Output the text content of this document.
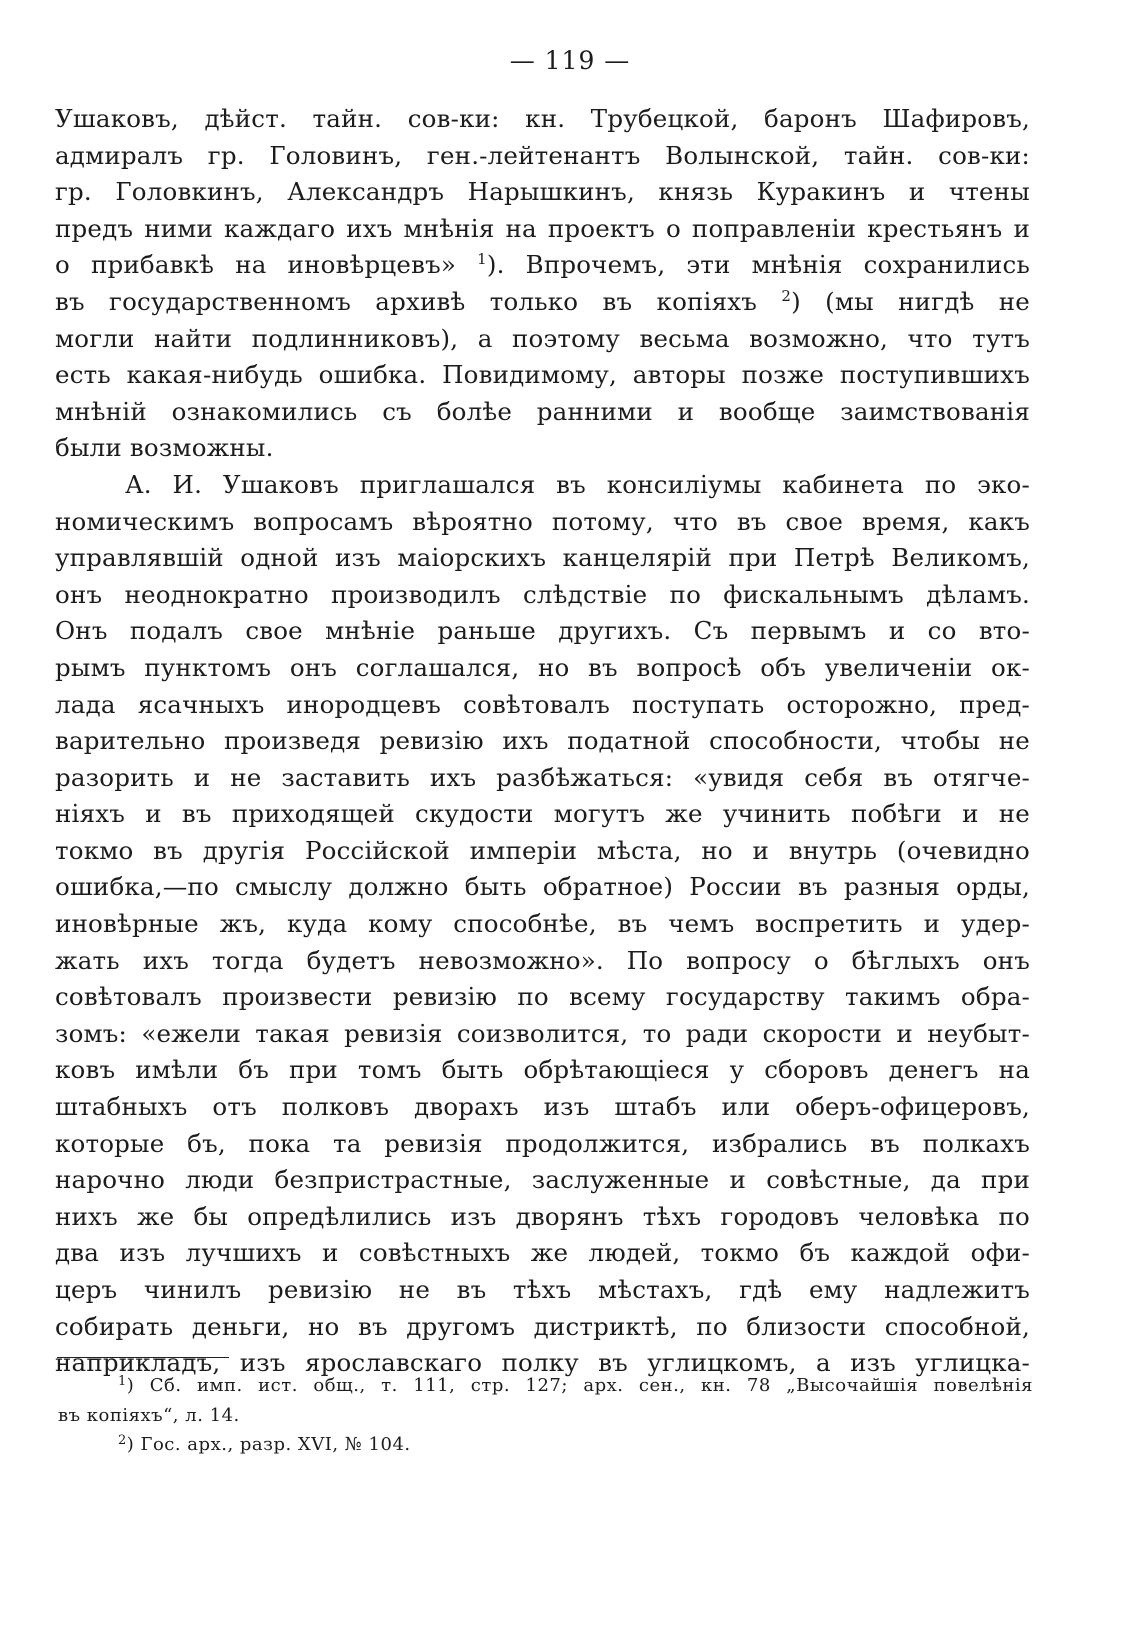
— 119 —
Ушаковъ, дѣйст. тайн. сов-ки: кн. Трубецкой, баронъ Шафировъ,
адмиралъ гр. Головинъ, ген.-лейтенантъ Волынской, тайн. сов-ки:
гр. Головкинъ, Александръ Нарышкинъ, князь Куракинъ и чтены
предъ ними каждаго ихъ мнѣнія на проектъ о поправленіи крестьянъ и
о прибавкѣ на иновѣрцевъ» $^1$). Впрочемъ, эти мнѣнія сохранились
въ государственномъ архивѣ только въ копіяхъ $^2$) (мы нигдѣ не
могли найти подлинниковъ), а поэтому весьма возможно, что тутъ
есть какая-нибудь ошибка. Повидимому, авторы позже поступившихъ
мнѣній ознакомились съ болѣе ранними и вообще заимствованія
были возможны.
А. И. Ушаковъ приглашался въ консиліумы кабинета по эко-
номическимъ вопросамъ вѣроятно потому, что въ свое время, какъ
управлявшій одной изъ маіорскихъ канцелярій при Петрѣ Великомъ,
онъ неоднократно производилъ слѣдствіе по фискальнымъ дѣламъ.
Онъ подалъ свое мнѣніе раньше другихъ. Съ первымъ и со вто-
рымъ пунктомъ онъ соглашался, но въ вопросѣ объ увеличеніи ок-
лада ясачныхъ инородцевъ совѣтовалъ поступать осторожно, пред-
варительно произведя ревизію ихъ податной способности, чтобы не
разорить и не заставить ихъ разбѣжаться: «увидя себя въ отягче-
ніяхъ и въ приходящей скудости могутъ же учинить побѣги и не
токмо въ другія Россійской имперіи мѣста, но и внутрь (очевидно
ошибка,—по смыслу должно быть обратное) России въ разныя орды,
иновѣрные жъ, куда кому способнѣе, въ чемъ воспретить и удер-
жать ихъ тогда будетъ невозможно». По вопросу о бѣглыхъ онъ
совѣтовалъ произвести ревизію по всему государству такимъ обра-
зомъ: «ежели такая ревизія соизволится, то ради скорости и неубыт-
ковъ имѣли бъ при томъ быть обрѣтающіеся у сборовъ денегъ на
штабныхъ отъ полковъ дворахъ изъ штабъ или оберъ-офицеровъ,
которые бъ, пока та ревизія продолжится, избрались въ полкахъ
нарочно люди безпристрастные, заслуженные и совѣстные, да при
нихъ же бы опредѣлились изъ дворянъ тѣхъ городовъ человѣка по
два изъ лучшихъ и совѣстныхъ же людей, токмо бъ каждой офи-
церъ чинилъ ревизію не въ тѣхъ мѣстахъ, гдѣ ему надлежитъ
собирать деньги, но въ другомъ дистриктѣ, по близости способной,
наприкладъ, изъ ярославскаго полку въ углицкомъ, а изъ углицка-
$^1$) Сб. имп. ист. общ., т. 111, стр. 127; арх. сен., кн. 78 „Высочайшія повелѣнія
въ копіяхъ“, л. 14.
$^2$) Гос. арх., разр. XVI, № 104.
